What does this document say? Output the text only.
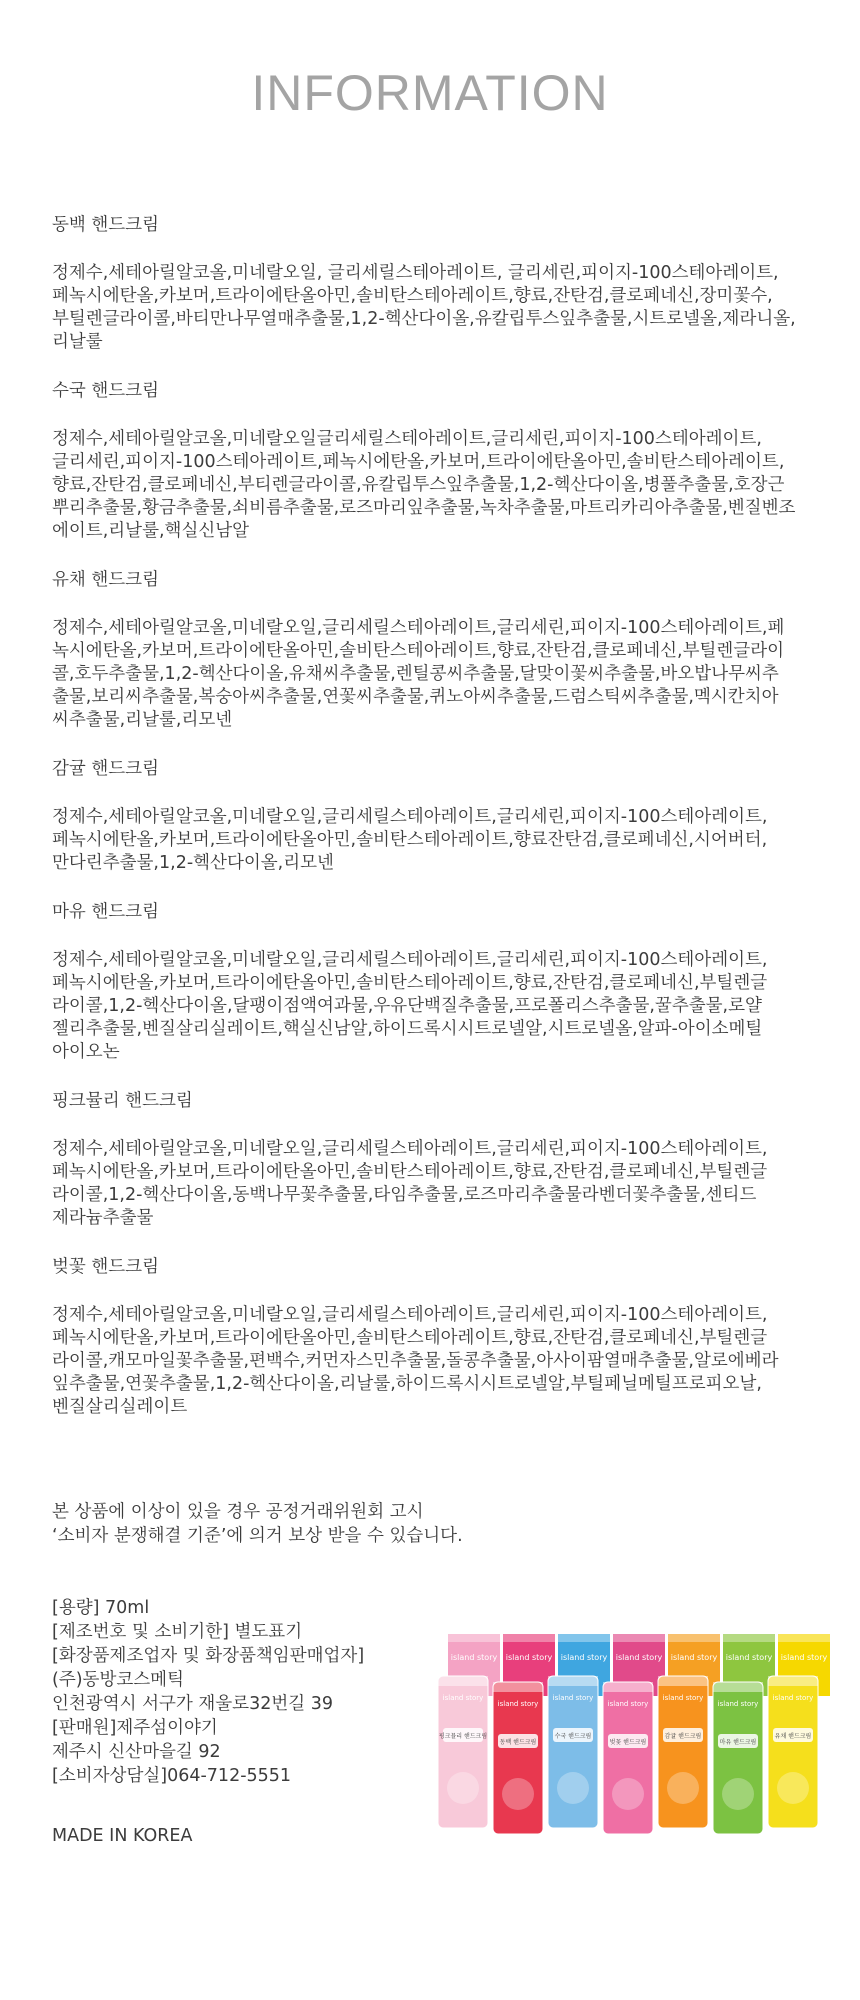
INFORMATION

동백 핸드크림

정제수,세테아릴알코올,미네랄오일, 글리세릴스테아레이트, 글리세린,피이지-100스테아레이트,
페녹시에탄올,카보머,트라이에탄올아민,솔비탄스테아레이트,향료,잔탄검,클로페네신,장미꽃수,
부틸렌글라이콜,바티만나무열매추출물,1,2-헥산다이올,유칼립투스잎추출물,시트로넬올,제라니올,
리날룰

수국 핸드크림

정제수,세테아릴알코올,미네랄오일글리세릴스테아레이트,글리세린,피이지-100스테아레이트,
글리세린,피이지-100스테아레이트,페녹시에탄올,카보머,트라이에탄올아민,솔비탄스테아레이트,
향료,잔탄검,클로페네신,부티렌글라이콜,유칼립투스잎추출물,1,2-헥산다이올,병풀추출물,호장근
뿌리추출물,황금추출물,쇠비름추출물,로즈마리잎추출물,녹차추출물,마트리카리아추출물,벤질벤조
에이트,리날룰,핵실신남알

유채 핸드크림

정제수,세테아릴알코올,미네랄오일,글리세릴스테아레이트,글리세린,피이지-100스테아레이트,페
녹시에탄올,카보머,트라이에탄올아민,솔비탄스테아레이트,향료,잔탄검,클로페네신,부틸렌글라이
콜,호두추출물,1,2-헥산다이올,유채씨추출물,렌틸콩씨추출물,달맞이꽃씨추출물,바오밥나무씨추
출물,보리씨추출물,복숭아씨추출물,연꽃씨추출물,퀴노아씨추출물,드럼스틱씨추출물,멕시칸치아
씨추출물,리날룰,리모넨

감귤 핸드크림

정제수,세테아릴알코올,미네랄오일,글리세릴스테아레이트,글리세린,피이지-100스테아레이트,
페녹시에탄올,카보머,트라이에탄올아민,솔비탄스테아레이트,향료잔탄검,클로페네신,시어버터,
만다린추출물,1,2-헥산다이올,리모넨

마유 핸드크림

정제수,세테아릴알코올,미네랄오일,글리세릴스테아레이트,글리세린,피이지-100스테아레이트,
페녹시에탄올,카보머,트라이에탄올아민,솔비탄스테아레이트,향료,잔탄검,클로페네신,부틸렌글
라이콜,1,2-헥산다이올,달팽이점액여과물,우유단백질추출물,프로폴리스추출물,꿀추출물,로얄
젤리추출물,벤질살리실레이트,핵실신남알,하이드록시시트로넬알,시트로넬올,알파-아이소메틸
아이오논

핑크뮬리 핸드크림

정제수,세테아릴알코올,미네랄오일,글리세릴스테아레이트,글리세린,피이지-100스테아레이트,
페녹시에탄올,카보머,트라이에탄올아민,솔비탄스테아레이트,향료,잔탄검,클로페네신,부틸렌글
라이콜,1,2-헥산다이올,동백나무꽃추출물,타임추출물,로즈마리추출물라벤더꽃추출물,센티드
제라늄추출물

벚꽃 핸드크림

정제수,세테아릴알코올,미네랄오일,글리세릴스테아레이트,글리세린,피이지-100스테아레이트,
페녹시에탄올,카보머,트라이에탄올아민,솔비탄스테아레이트,향료,잔탄검,클로페네신,부틸렌글
라이콜,캐모마일꽃추출물,편백수,커먼자스민추출물,돌콩추출물,아사이팜열매추출물,알로에베라
잎추출물,연꽃추출물,1,2-헥산다이올,리날룰,하이드록시시트로넬알,부틸페닐메틸프로피오날,
벤질살리실레이트

본 상품에 이상이 있을 경우 공정거래위원회 고시
‘소비자 분쟁해결 기준’에 의거 보상 받을 수 있습니다.
[용량] 70ml
[제조번호 및 소비기한] 별도표기
[화장품제조업자 및 화장품책임판매업자]
(주)동방코스메틱
인천광역시 서구가 재울로32번길 39
[판매원]제주섬이야기
제주시 신산마을길 92
[소비자상담실]064-712-5551
MADE IN KOREA
island story island story island story island story island story island story island story
island story
핑크뮬리 핸드크림
island story
동백 핸드크림
island story
수국 핸드크림
island story
벚꽃 핸드크림
island story
감귤 핸드크림
island story
마유 핸드크림
island story
유채 핸드크림
